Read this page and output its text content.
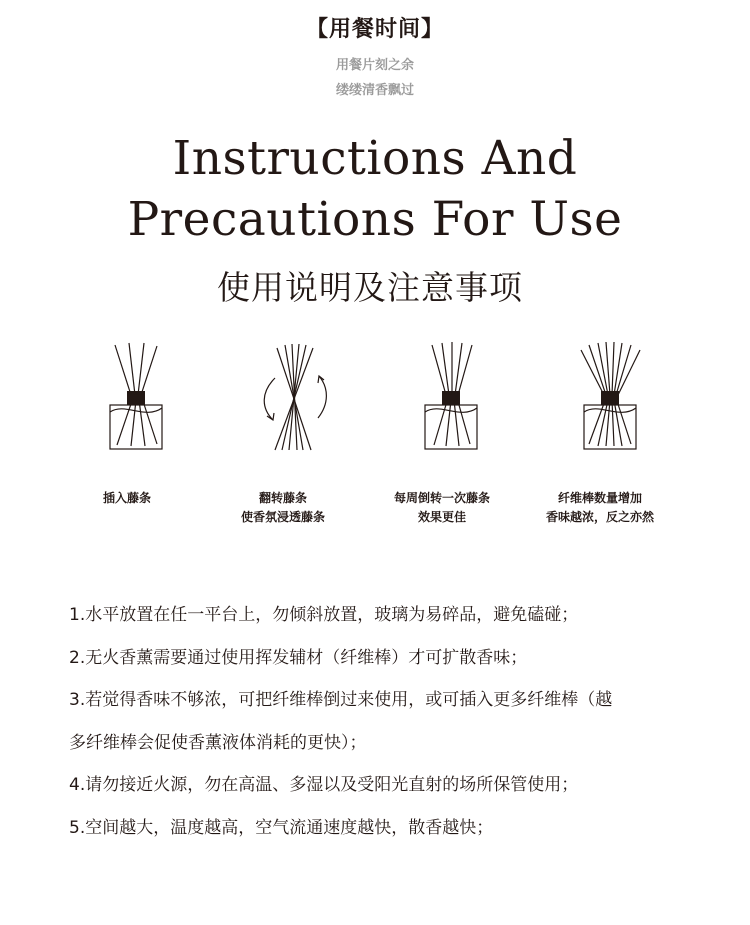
【用餐时间】
用餐片刻之余
缕缕清香飘过
Instructions And
Precautions For Use
使用说明及注意事项
插入藤条	翻转藤条
使香氛浸透藤条
每周倒转一次藤条
效果更佳
纤维棒数量增加
香味越浓，反之亦然
1.水平放置在任一平台上，勿倾斜放置，玻璃为易碎品，避免磕碰；
2.无火香薰需要通过使用挥发辅材（纤维棒）才可扩散香味；
3.若觉得香味不够浓，可把纤维棒倒过来使用，或可插入更多纤维棒（越
多纤维棒会促使香薰液体消耗的更快）；
4.请勿接近火源，勿在高温、多湿以及受阳光直射的场所保管使用；
5.空间越大，温度越高，空气流通速度越快，散香越快；
